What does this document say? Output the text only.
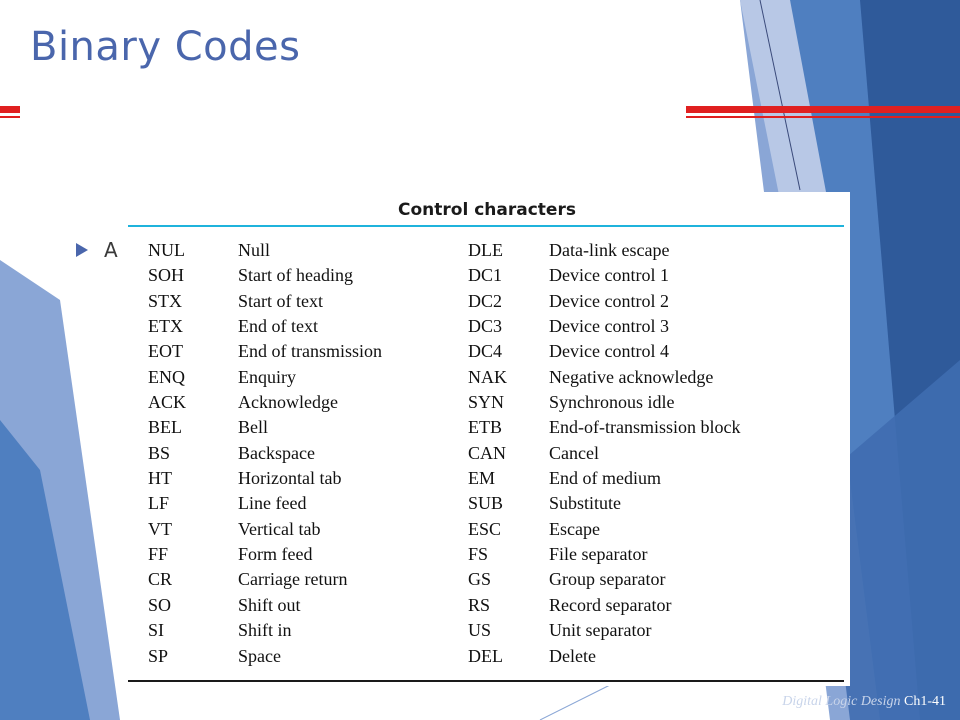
Binary Codes
A
Control characters
NUL	Null	DLE	Data-link escape
SOH	Start of heading	DC1	Device control 1
STX	Start of text	DC2	Device control 2
ETX	End of text	DC3	Device control 3
EOT	End of transmission	DC4	Device control 4
ENQ	Enquiry	NAK Negative acknowledge
ACK	Acknowledge	SYN Synchronous idle
BEL	Bell	ETB	End-of-transmission block
BS	Backspace	CAN Cancel
HT	Horizontal tab	EM	End of medium
LF	Line feed	SUB	Substitute
VT	Vertical tab	ESC	Escape
FF	Form feed	FS	File separator
CR	Carriage return	GS	Group separator
SO	Shift out	RS	Record separator
SI	Shift in	US	Unit separator
SP	Space	DEL	Delete
Digital Logic Design Ch1-41
